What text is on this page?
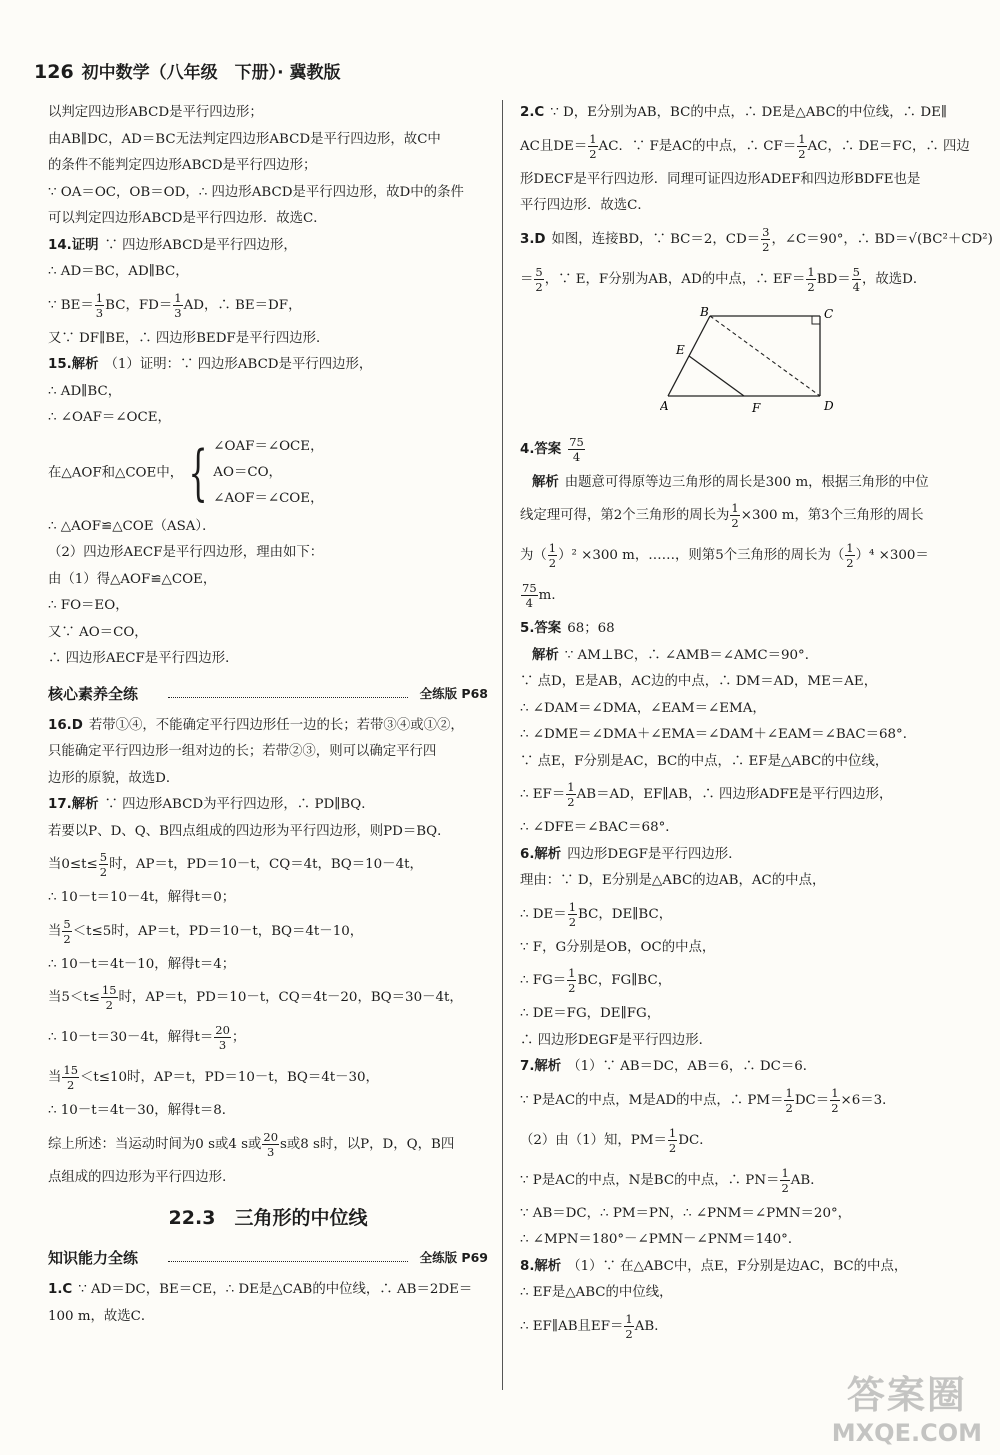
126 初中数学（八年级　下册）· 冀教版
以判定四边形ABCD是平行四边形；
由AB∥DC，AD＝BC无法判定四边形ABCD是平行四边形，故C中
的条件不能判定四边形ABCD是平行四边形；
∵ OA＝OC，OB＝OD，∴ 四边形ABCD是平行四边形，故D中的条件
可以判定四边形ABCD是平行四边形．故选C．
14.证明 ∵ 四边形ABCD是平行四边形，
∴ AD＝BC，AD∥BC，
∵ $BE= \frac{1}{3}$ BC，$FD= \frac{1}{3}$ AD，∴ BE＝DF，
又∵ DF∥BE，∴ 四边形BEDF是平行四边形．
15.解析 （1）证明：∵ 四边形ABCD是平行四边形，
∴ AD∥BC，
∴ ∠OAF＝∠OCE，
在△AOF和△COE中， { ∠OAF＝∠OCE，
AO＝CO，
∠AOF＝∠COE，
∴ △AOF≌△COE（ASA）．
（2）四边形AECF是平行四边形，理由如下：
由（1）得△AOF≌△COE，
∴ FO＝EO，
又∵ AO＝CO，
∴ 四边形AECF是平行四边形．
核心素养全练	全练版 P68
16.D 若带①④，不能确定平行四边形任一边的长；若带③④或①②，
只能确定平行四边形一组对边的长；若带②③，则可以确定平行四
边形的原貌，故选D．
17.解析 ∵ 四边形ABCD为平行四边形，∴ PD∥BQ．
若要以P、D、Q、B四点组成的四边形为平行四边形，则PD＝BQ．
当$0\le t\le \frac{5}{2}$ 时，AP＝t，PD＝10－t，CQ＝4t，BQ＝10－4t，
∴ 10－t＝10－4t，解得t＝0；
当 $\frac{5}{2} <t\le 5$时，AP＝t，PD＝10－t，BQ＝4t－10，
∴ 10－t＝4t－10，解得t＝4；
当$5<t\le \frac{15}{2}$ 时，AP＝t，PD＝10－t，CQ＝4t－20，BQ＝30－4t，
∴ 10－t＝30－4t，解得$t= \frac{20}{3}$ ；
当 $\frac{15}{2} <t\le 10$时，AP＝t，PD＝10－t，BQ＝4t－30，
∴ 10－t＝4t－30，解得t＝8．
综上所述：当运动时间为0 s或4 s或 $\frac{20}{3}$ s或8 s时，以P，D，Q，B四
点组成的四边形为平行四边形．
22.3　 三角形的中位线
知识能力全练	全练版 P69
1.C ∵ AD＝DC，BE＝CE，∴ DE是△CAB的中位线，∴ AB＝2DE＝
100 m，故选C．
2.C ∵ D，E分别为AB，BC的中点，∴ DE是△ABC的中位线，∴ DE∥
AC且$DE= \frac{1}{2}$ AC．∵ F是AC的中点，∴ $CF= \frac{1}{2}$ AC，∴ DE＝FC，∴ 四边
形DECF是平行四边形．同理可证四边形ADEF和四边形BDFE也是
平行四边形．故选C．
3.D 如图，连接BD，∵ BC＝2，$CD= \frac{3}{2}$ ，∠C＝90°，∴ BD＝√(BC²＋CD²)
＝ $\frac{5}{2}$ ，∵ E，F分别为AB，AD的中点，∴ $EF= \frac{1}{2} BD= \frac{5}{4}$ ，故选D．
B	C
E
A	F	D
4.答案 $\frac{75}{4}$
解析 由题意可得原等边三角形的周长是300 m，根据三角形的中位
线定理可得，第2个三角形的周长为 $\frac{1}{2} \times 300$ m，第3个三角形的周长
为（ $\frac{1}{2} )^2 \times 300$ m，……，则第5个三角形的周长为（ $\frac{1}{2} )^4 \times 300=$
$\frac{75}{4}$ m．
5.答案 68；68
解析 ∵ AM⊥BC，∴ ∠AMB＝∠AMC＝90°．
∵ 点D，E是AB，AC边的中点，∴ DM＝AD，ME＝AE，
∴ ∠DAM＝∠DMA，∠EAM＝∠EMA，
∴ ∠DME＝∠DMA＋∠EMA＝∠DAM＋∠EAM＝∠BAC＝68°．
∵ 点E，F分别是AC，BC的中点，∴ EF是△ABC的中位线，
∴ $EF= \frac{1}{2} AB=AD$，EF∥AB，∴ 四边形ADFE是平行四边形，
∴ ∠DFE＝∠BAC＝68°．
6.解析 四边形DEGF是平行四边形．
理由：∵ D，E分别是△ABC的边AB，AC的中点，
∴ $DE= \frac{1}{2}$ BC，DE∥BC，
∵ F，G分别是OB，OC的中点，
∴ $FG= \frac{1}{2}$ BC，FG∥BC，
∴ DE＝FG，DE∥FG，
∴ 四边形DEGF是平行四边形．
7.解析 （1）∵ AB＝DC，AB＝6，∴ DC＝6．
∵ P是AC的中点，M是AD的中点，∴ $PM= \frac{1}{2} DC= \frac{1}{2} \times 6=3$．
（2）由（1）知，$PM= \frac{1}{2}$ DC．
∵ P是AC的中点，N是BC的中点，∴ $PN= \frac{1}{2}$ AB．
∵ AB＝DC，∴ PM＝PN，∴ ∠PNM＝∠PMN＝20°，
∴ ∠MPN＝180°－∠PMN－∠PNM＝140°．
8.解析 （1）∵ 在△ABC中，点E，F分别是边AC，BC的中点，
∴ EF是△ABC的中位线，
∴ EF∥AB且$EF= \frac{1}{2}$ AB．
答案圈
MXQE.COM
